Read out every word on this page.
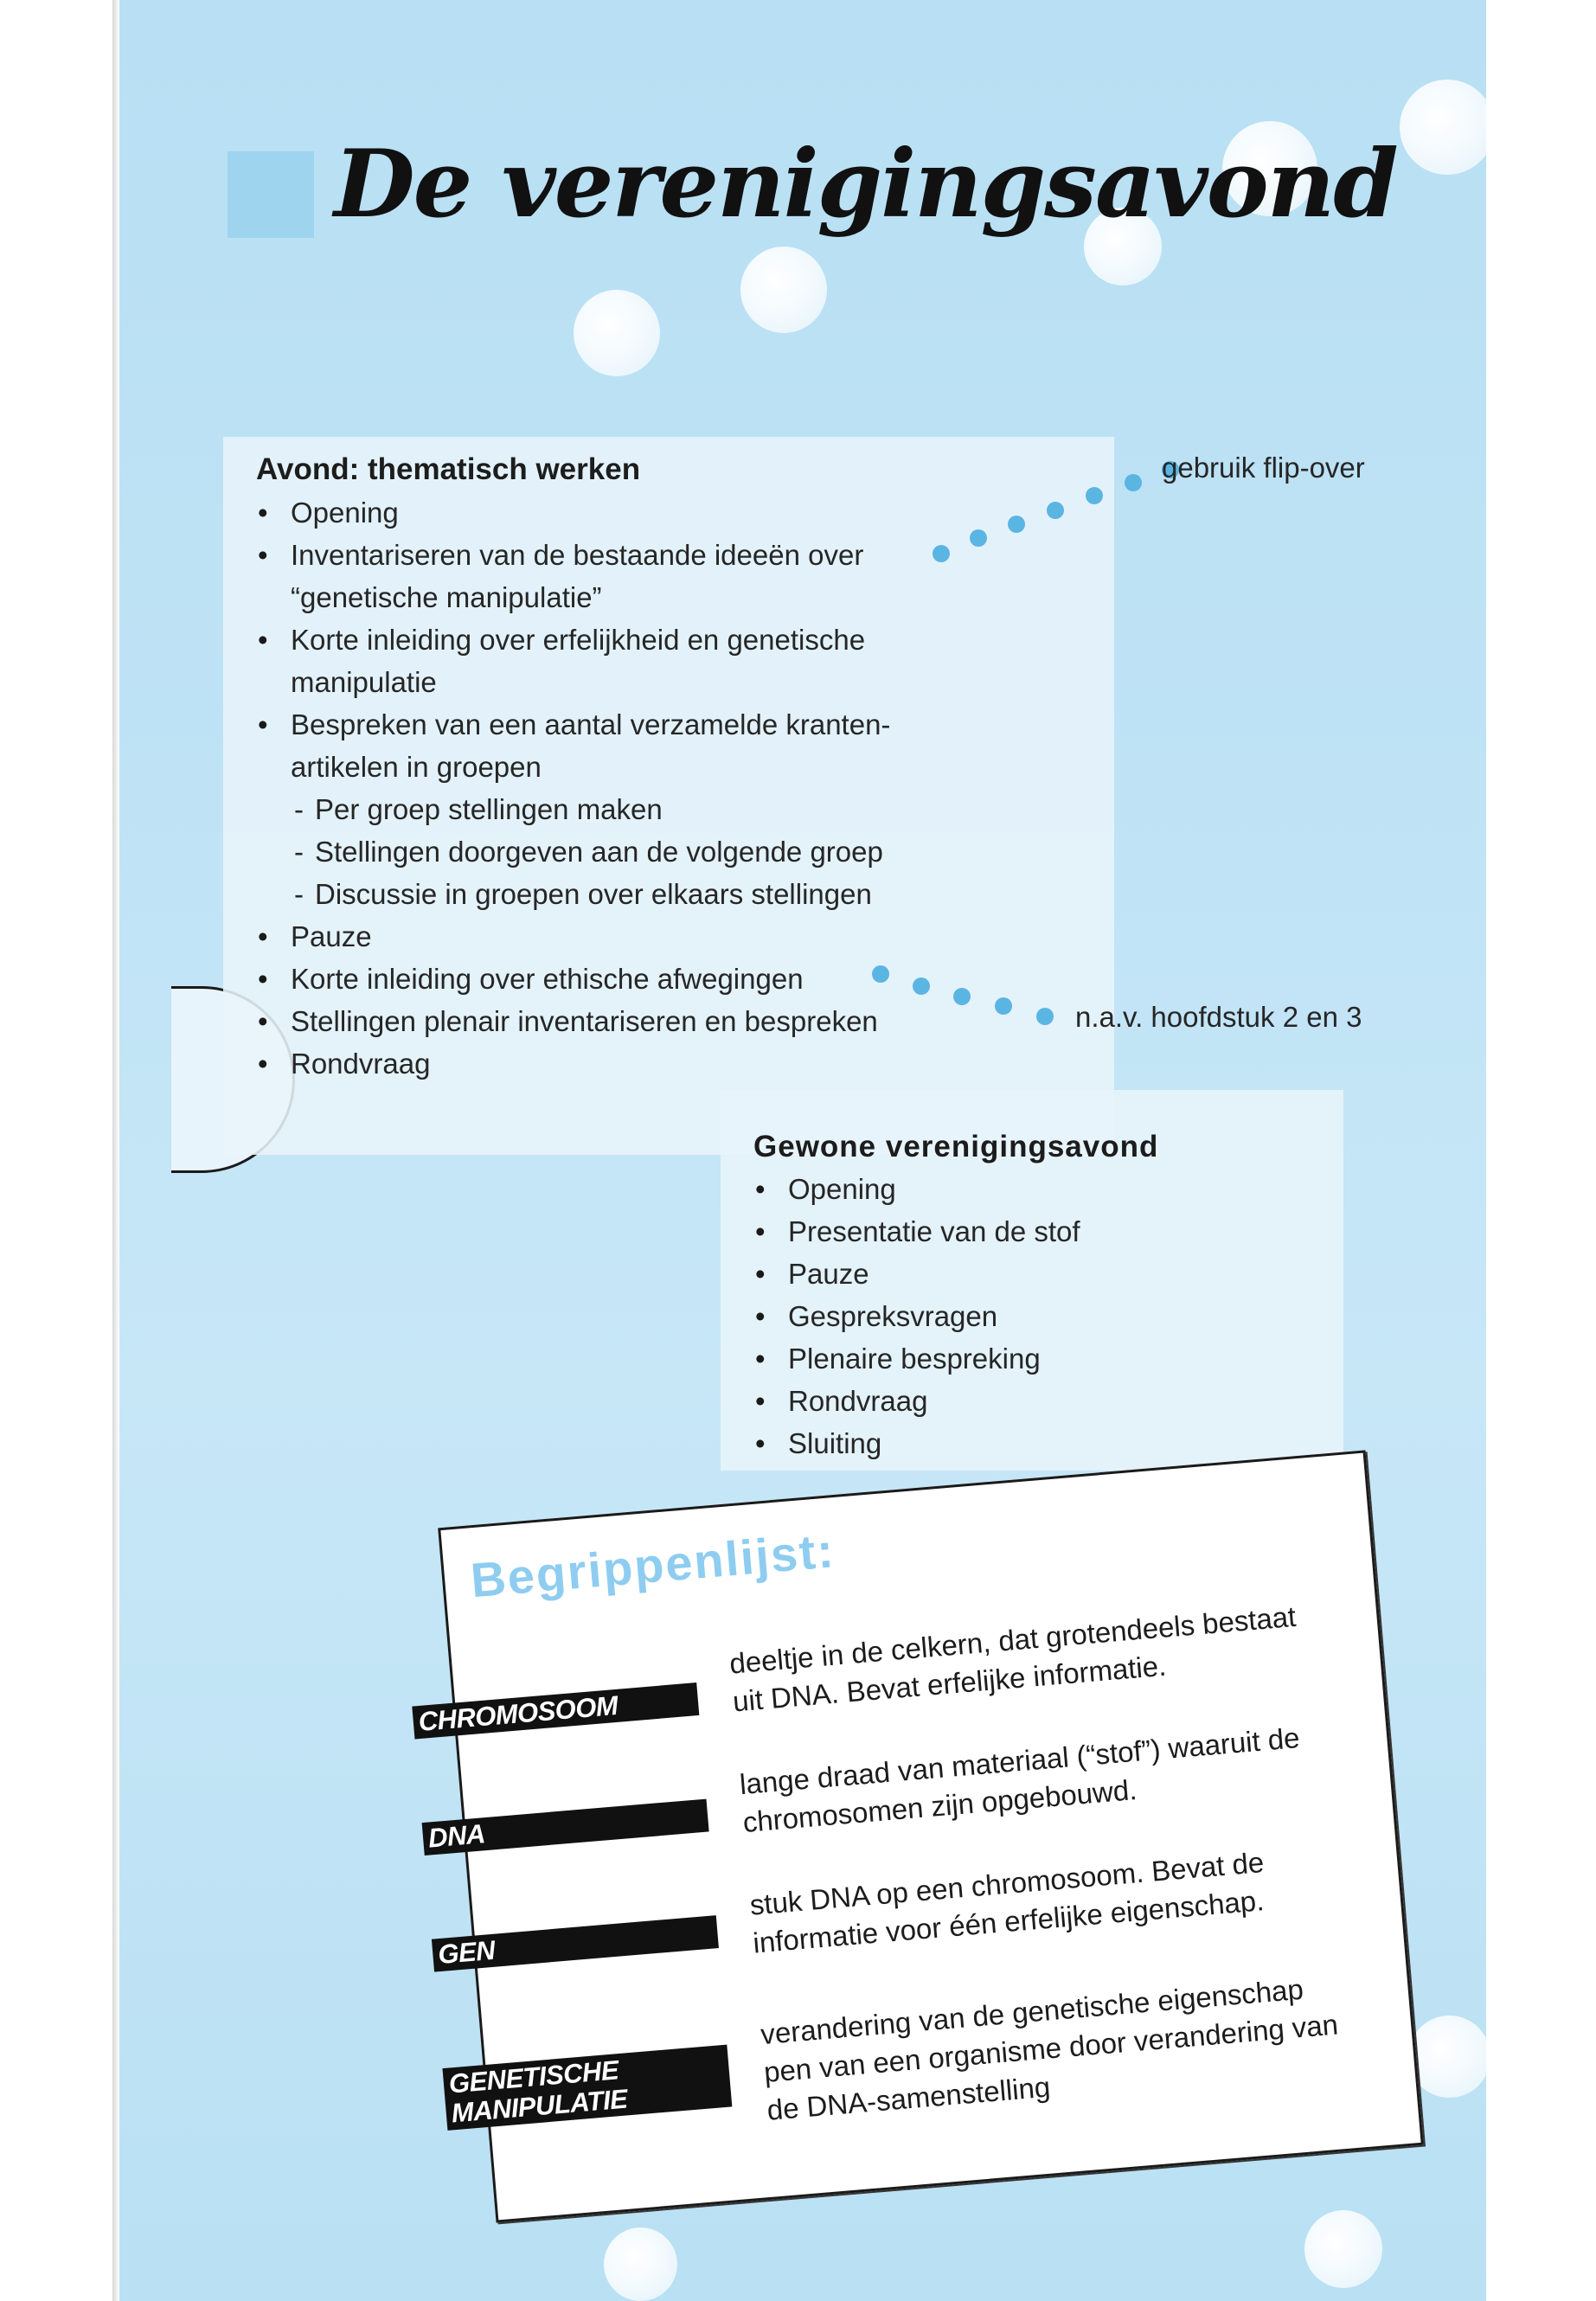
De verenigingsavond
Avond: thematisch werken
• Opening
• Inventariseren van de bestaande ideeën over
“genetische manipulatie”
• Korte inleiding over erfelijkheid en genetische
manipulatie
• Bespreken van een aantal verzamelde kranten-
artikelen in groepen
- Per groep stellingen maken
- Stellingen doorgeven aan de volgende groep
- Discussie in groepen over elkaars stellingen
• Pauze
• Korte inleiding over ethische afwegingen
• Stellingen plenair inventariseren en bespreken
• Rondvraag
gebruik flip-over
n.a.v. hoofdstuk 2 en 3
Gewone verenigingsavond
• Opening
• Presentatie van de stof
• Pauze
• Gespreksvragen
• Plenaire bespreking
• Rondvraag
• Sluiting
Begrippenlijst:
CHROMOSOOM
deeltje in de celkern, dat grotendeels bestaat uit DNA. Bevat erfelijke informatie.
DNA
lange draad van materiaal (“stof”) waaruit de chromosomen zijn opgebouwd.
GEN
stuk DNA op een chromosoom. Bevat de informatie voor één erfelijke eigenschap.
GENETISCHE MANIPULATIE
verandering van de genetische eigenschap pen van een organisme door verandering van de DNA-samenstelling
